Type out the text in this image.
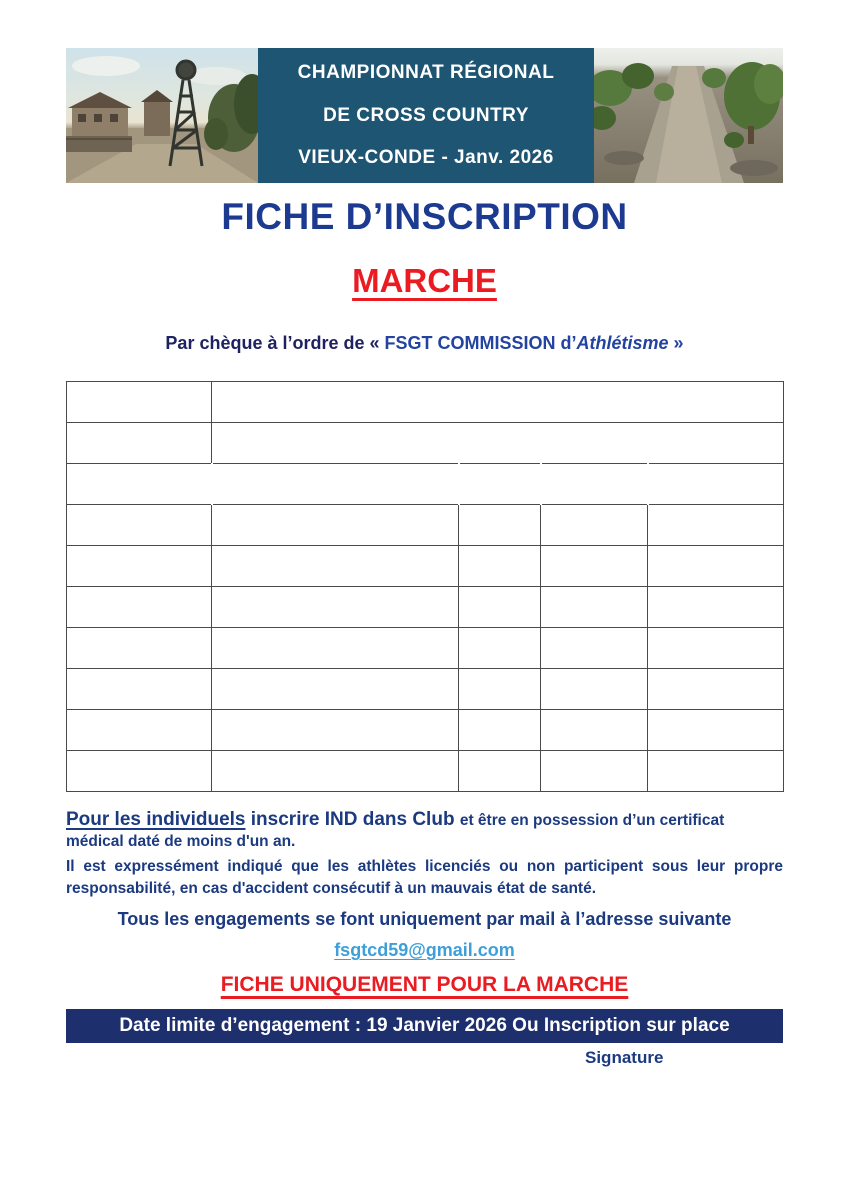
CHAMPIONNAT RÉGIONAL
DE CROSS COUNTRY
VIEUX-CONDE - Janv. 2026
FICHE D’INSCRIPTION
MARCHE
Par chèque à l’ordre de « FSGT COMMISSION d’Athlétisme »
	NOM DU CLUB			

NOM	Prénom	Sexe	Année de Naissance	N° Licence

Pour les individuels inscrire IND dans Club et être en possession d’un certificat
médical daté de moins d'un an.
Il est expressément indiqué que les athlètes licenciés ou non participent sous leur propre responsabilité, en cas d'accident consécutif à un mauvais état de santé.
Tous les engagements se font uniquement par mail à l’adresse suivante
fsgtcd59@gmail.com
FICHE UNIQUEMENT POUR LA MARCHE
Date limite d’engagement : 19 Janvier 2026 Ou Inscription sur place
Signature
